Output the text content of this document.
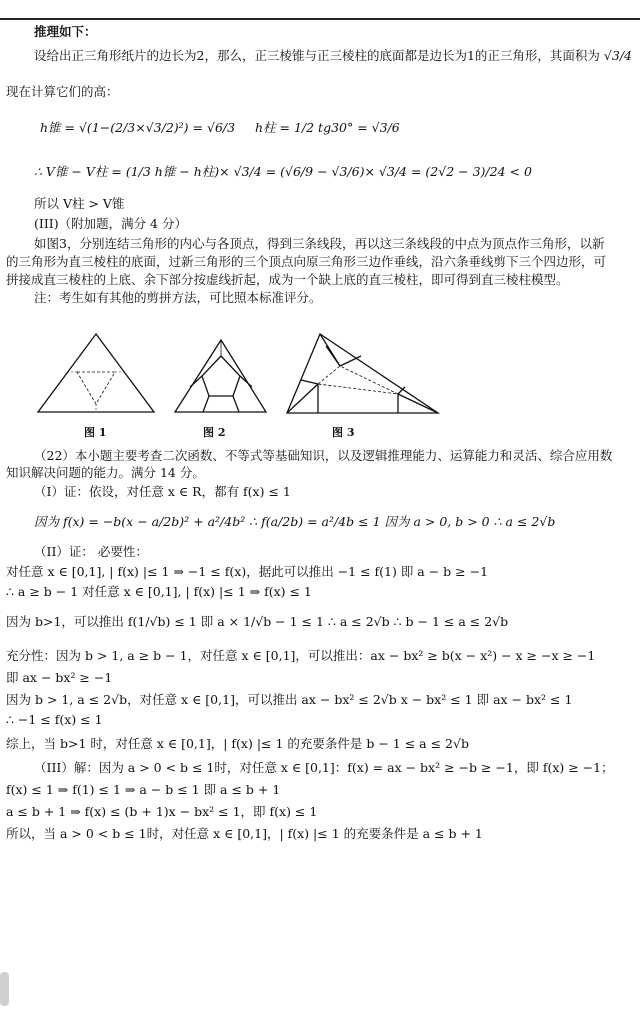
推理如下：
设给出正三角形纸片的边长为2，那么，正三棱锥与正三棱柱的底面都是边长为1的正三角形，其面积为 √3/4
现在计算它们的高：
h锥 = √(1−(2/3×√3/2)²) = √6/3 h柱 = 1/2 tg30° = √3/6
∴ V锥 − V柱 = (1/3 h锥 − h柱)× √3/4 = (√6/9 − √3/6)× √3/4 = (2√2 − 3)/24 < 0
所以 V柱 > V锥
(III)（附加题，满分 4 分）
如图3，分别连结三角形的内心与各顶点，得到三条线段，再以这三条线段的中点为顶点作三角形，以新
的三角形为直三棱柱的底面，过新三角形的三个顶点向原三角形三边作垂线，沿六条垂线剪下三个四边形，可
拼接成直三棱柱的上底、余下部分按虚线折起，成为一个缺上底的直三棱柱，即可得到直三棱柱模型。
注：考生如有其他的剪拼方法，可比照本标准评分。
图 1	图 2	图 3
（22）本小题主要考查二次函数、不等式等基础知识，以及逻辑推理能力、运算能力和灵活、综合应用数
知识解决问题的能力。满分 14 分。
（I）证：依设，对任意 x ∈ R，都有 f(x) ≤ 1
因为 f(x) = −b(x − a/2b)² + a²/4b² ∴ f(a/2b) = a²/4b ≤ 1 因为 a > 0, b > 0 ∴ a ≤ 2√b
（II）证： 必要性：
对任意 x ∈ [0,1], | f(x) |≤ 1 ⇒ −1 ≤ f(x)，据此可以推出 −1 ≤ f(1) 即 a − b ≥ −1
∴ a ≥ b − 1 对任意 x ∈ [0,1], | f(x) |≤ 1 ⇒ f(x) ≤ 1
因为 b>1，可以推出 f(1/√b) ≤ 1 即 a × 1/√b − 1 ≤ 1 ∴ a ≤ 2√b ∴ b − 1 ≤ a ≤ 2√b
充分性：因为 b > 1, a ≥ b − 1，对任意 x ∈ [0,1]，可以推出：ax − bx² ≥ b(x − x²) − x ≥ −x ≥ −1
即 ax − bx² ≥ −1
因为 b > 1, a ≤ 2√b，对任意 x ∈ [0,1]，可以推出 ax − bx² ≤ 2√b x − bx² ≤ 1 即 ax − bx² ≤ 1
∴ −1 ≤ f(x) ≤ 1
综上，当 b>1 时，对任意 x ∈ [0,1]，| f(x) |≤ 1 的充要条件是 b − 1 ≤ a ≤ 2√b
（III）解：因为 a > 0 < b ≤ 1时，对任意 x ∈ [0,1]：f(x) = ax − bx² ≥ −b ≥ −1，即 f(x) ≥ −1；
f(x) ≤ 1 ⇒ f(1) ≤ 1 ⇒ a − b ≤ 1 即 a ≤ b + 1
a ≤ b + 1 ⇒ f(x) ≤ (b + 1)x − bx² ≤ 1，即 f(x) ≤ 1
所以，当 a > 0 < b ≤ 1时，对任意 x ∈ [0,1]，| f(x) |≤ 1 的充要条件是 a ≤ b + 1
